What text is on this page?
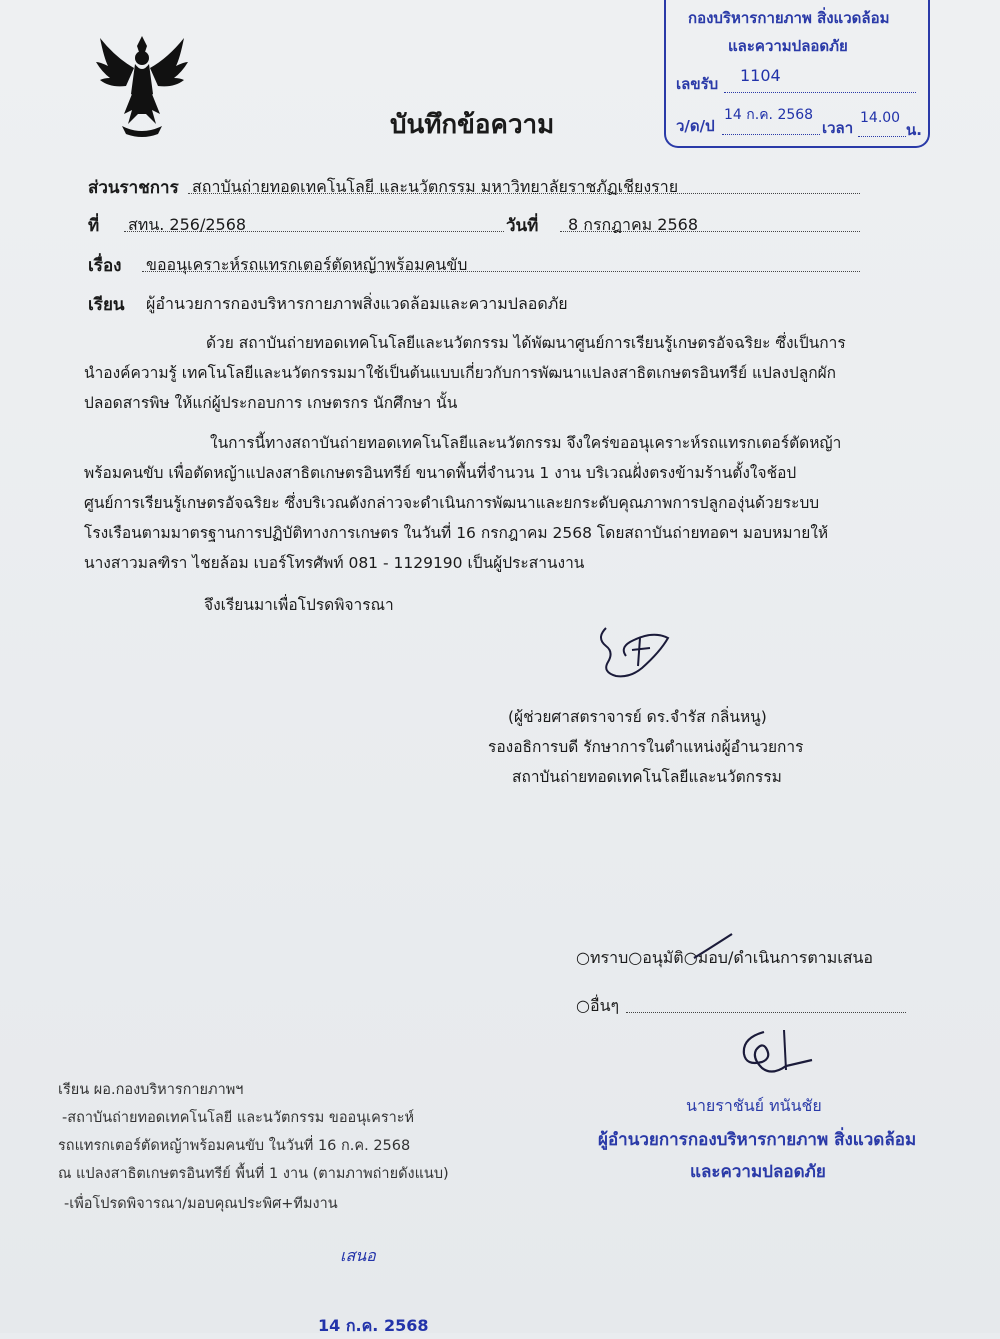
บันทึกข้อความ
กองบริหารกายภาพ สิ่งแวดล้อม
และความปลอดภัย
เลขรับ 1104
ว/ด/ป
14 ก.ค. 2568
เวลา
14.00
น.
ส่วนราชการ สถาบันถ่ายทอดเทคโนโลยี และนวัตกรรม มหาวิทยาลัยราชภัฏเชียงราย
ที่ สทน. 256/2568	วันที่ 8 กรกฎาคม 2568
เรื่อง ขออนุเคราะห์รถแทรกเตอร์ตัดหญ้าพร้อมคนขับ
เรียน ผู้อำนวยการกองบริหารกายภาพสิ่งแวดล้อมและความปลอดภัย
ด้วย สถาบันถ่ายทอดเทคโนโลยีและนวัตกรรม ได้พัฒนาศูนย์การเรียนรู้เกษตรอัจฉริยะ ซึ่งเป็นการ
นำองค์ความรู้ เทคโนโลยีและนวัตกรรมมาใช้เป็นต้นแบบเกี่ยวกับการพัฒนาแปลงสาธิตเกษตรอินทรีย์ แปลงปลูกผัก
ปลอดสารพิษ ให้แก่ผู้ประกอบการ เกษตรกร นักศึกษา นั้น
ในการนี้ทางสถาบันถ่ายทอดเทคโนโลยีและนวัตกรรม จึงใคร่ขออนุเคราะห์รถแทรกเตอร์ตัดหญ้า
พร้อมคนขับ เพื่อตัดหญ้าแปลงสาธิตเกษตรอินทรีย์ ขนาดพื้นที่จำนวน 1 งาน บริเวณฝั่งตรงข้ามร้านตั้งใจช้อป
ศูนย์การเรียนรู้เกษตรอัจฉริยะ ซึ่งบริเวณดังกล่าวจะดำเนินการพัฒนาและยกระดับคุณภาพการปลูกองุ่นด้วยระบบ
โรงเรือนตามมาตรฐานการปฏิบัติทางการเกษตร ในวันที่ 16 กรกฎาคม 2568 โดยสถาบันถ่ายทอดฯ มอบหมายให้
นางสาวมลฑิรา ไชยล้อม เบอร์โทรศัพท์ 081 - 1129190 เป็นผู้ประสานงาน
จึงเรียนมาเพื่อโปรดพิจารณา
(ผู้ช่วยศาสตราจารย์ ดร.จำรัส กลิ่นหนู)
รองอธิการบดี รักษาการในตำแหน่งผู้อำนวยการ
สถาบันถ่ายทอดเทคโนโลยีและนวัตกรรม
○ทราบ○อนุมัติ○มอบ/ดำเนินการตามเสนอ
○อื่นๆ
นายราชันย์ ทนันชัย
ผู้อำนวยการกองบริหารกายภาพ สิ่งแวดล้อม
และความปลอดภัย
เรียน ผอ.กองบริหารกายภาพฯ
-สถาบันถ่ายทอดเทคโนโลยี และนวัตกรรม ขออนุเคราะห์
รถแทรกเตอร์ตัดหญ้าพร้อมคนขับ ในวันที่ 16 ก.ค. 2568
ณ แปลงสาธิตเกษตรอินทรีย์ พื้นที่ 1 งาน (ตามภาพถ่ายดังแนบ)
-เพื่อโปรดพิจารณา/มอบคุณประพิศ+ทีมงาน
เสนอ
14 ก.ค. 2568
